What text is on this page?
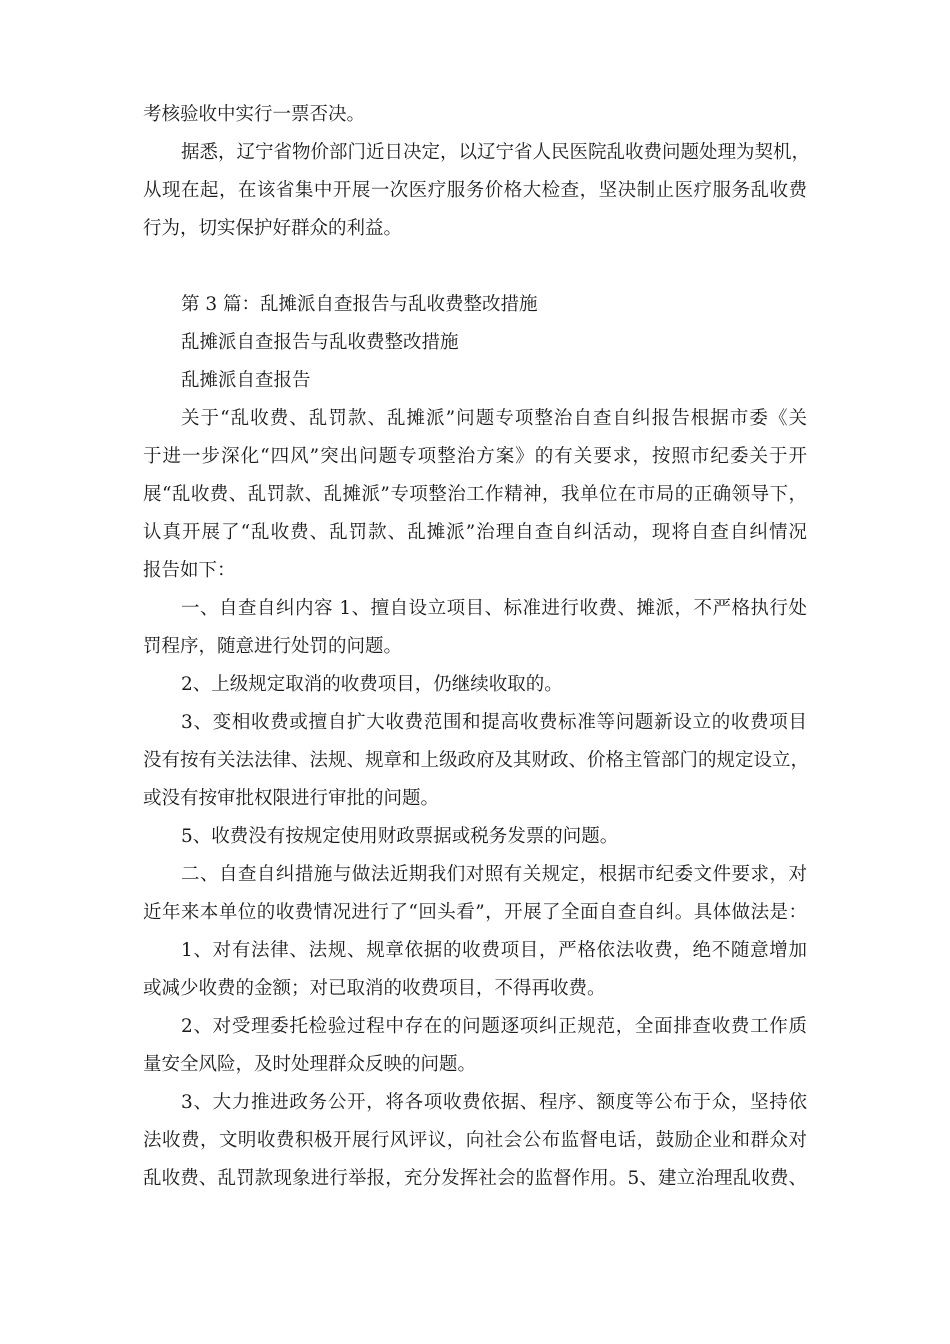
考核验收中实行一票否决。
据悉，辽宁省物价部门近日决定，以辽宁省人民医院乱收费问题处理为契机，
从现在起，在该省集中开展一次医疗服务价格大检查，坚决制止医疗服务乱收费
行为，切实保护好群众的利益。
第 3 篇：乱摊派自查报告与乱收费整改措施
乱摊派自查报告与乱收费整改措施
乱摊派自查报告
关于“乱收费、乱罚款、乱摊派”问题专项整治自查自纠报告根据市委《关
于进一步深化“四风”突出问题专项整治方案》的有关要求，按照市纪委关于开
展“乱收费、乱罚款、乱摊派”专项整治工作精神，我单位在市局的正确领导下，
认真开展了“乱收费、乱罚款、乱摊派”治理自查自纠活动，现将自查自纠情况
报告如下：
一、自查自纠内容 1、擅自设立项目、标准进行收费、摊派，不严格执行处
罚程序，随意进行处罚的问题。
2、上级规定取消的收费项目，仍继续收取的。
3、变相收费或擅自扩大收费范围和提高收费标准等问题新设立的收费项目
没有按有关法法律、法规、规章和上级政府及其财政、价格主管部门的规定设立，
或没有按审批权限进行审批的问题。
5、收费没有按规定使用财政票据或税务发票的问题。
二、自查自纠措施与做法近期我们对照有关规定，根据市纪委文件要求，对
近年来本单位的收费情况进行了“回头看”，开展了全面自查自纠。具体做法是：
1、对有法律、法规、规章依据的收费项目，严格依法收费，绝不随意增加
或减少收费的金额；对已取消的收费项目，不得再收费。
2、对受理委托检验过程中存在的问题逐项纠正规范，全面排查收费工作质
量安全风险，及时处理群众反映的问题。
3、大力推进政务公开，将各项收费依据、程序、额度等公布于众，坚持依
法收费，文明收费积极开展行风评议，向社会公布监督电话，鼓励企业和群众对
乱收费、乱罚款现象进行举报，充分发挥社会的监督作用。5、建立治理乱收费、
